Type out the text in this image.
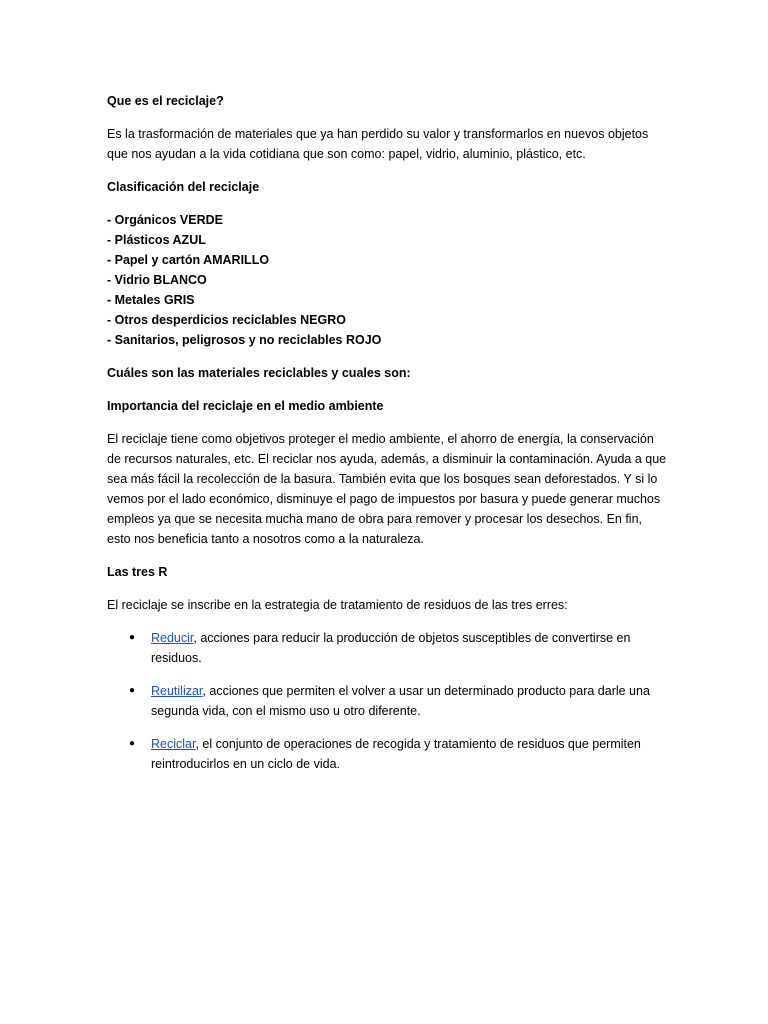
Que es el reciclaje?

Es la trasformación de materiales que ya han perdido su valor y transformarlos en nuevos objetos que nos ayudan a la vida cotidiana que son como: papel, vidrio, aluminio, plástico, etc.

Clasificación del reciclaje

- Orgánicos VERDE
- Plásticos AZUL
- Papel y cartón AMARILLO
- Vidrio BLANCO
- Metales GRIS
- Otros desperdicios reciclables NEGRO
- Sanitarios, peligrosos y no reciclables ROJO

Cuáles son las materiales reciclables y cuales son:

Importancia del reciclaje en el medio ambiente

El reciclaje tiene como objetivos proteger el medio ambiente, el ahorro de energía, la conservación de recursos naturales, etc. El reciclar nos ayuda, además, a disminuir la contaminación. Ayuda a que sea más fácil la recolección de la basura. También evita que los bosques sean deforestados. Y si lo vemos por el lado económico, disminuye el pago de impuestos por basura y puede generar muchos empleos ya que se necesita mucha mano de obra para remover y procesar los desechos. En fin, esto nos beneficia tanto a nosotros como a la naturaleza.

Las tres R

El reciclaje se inscribe en la estrategia de tratamiento de residuos de las tres erres:

● Reducir, acciones para reducir la producción de objetos susceptibles de convertirse en residuos.
● Reutilizar, acciones que permiten el volver a usar un determinado producto para darle una segunda vida, con el mismo uso u otro diferente.
● Reciclar, el conjunto de operaciones de recogida y tratamiento de residuos que permiten reintroducirlos en un ciclo de vida.
